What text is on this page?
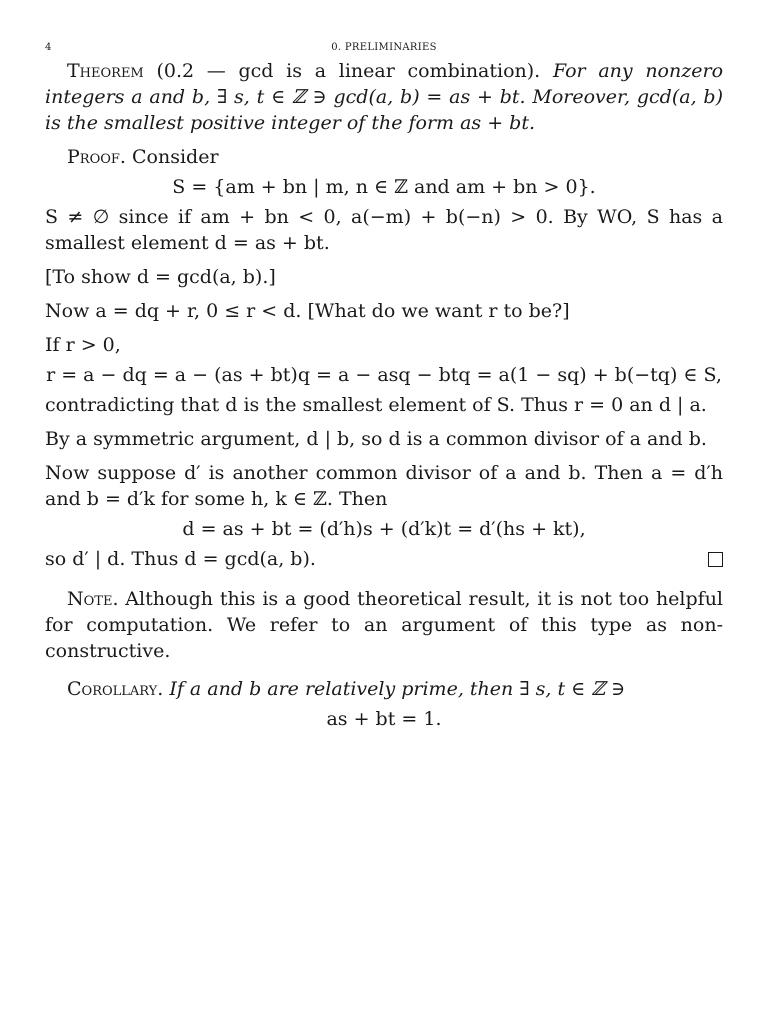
4	0. PRELIMINARIES

Theorem (0.2 — gcd is a linear combination). For any nonzero integers a and b, ∃ s, t ∈ ℤ ∋ gcd(a, b) = as + bt. Moreover, gcd(a, b) is the smallest positive integer of the form as + bt.

Proof. Consider

S = {am + bn | m, n ∈ ℤ and am + bn > 0}.

S ≠ ∅ since if am + bn < 0, a(−m) + b(−n) > 0. By WO, S has a smallest element d = as + bt.

[To show d = gcd(a, b).]

Now a = dq + r, 0 ≤ r < d. [What do we want r to be?]

If r > 0,

r = a − dq = a − (as + bt)q = a − asq − btq = a(1 − sq) + b(−tq) ∈ S,

contradicting that d is the smallest element of S. Thus r = 0 an d | a.

By a symmetric argument, d | b, so d is a common divisor of a and b.

Now suppose d′ is another common divisor of a and b. Then a = d′h and b = d′k for some h, k ∈ ℤ. Then

d = as + bt = (d′h)s + (d′k)t = d′(hs + kt),
so d′ | d. Thus d = gcd(a, b).

Note. Although this is a good theoretical result, it is not too helpful for computation. We refer to an argument of this type as non-constructive.

Corollary. If a and b are relatively prime, then ∃ s, t ∈ ℤ ∋

as + bt = 1.
